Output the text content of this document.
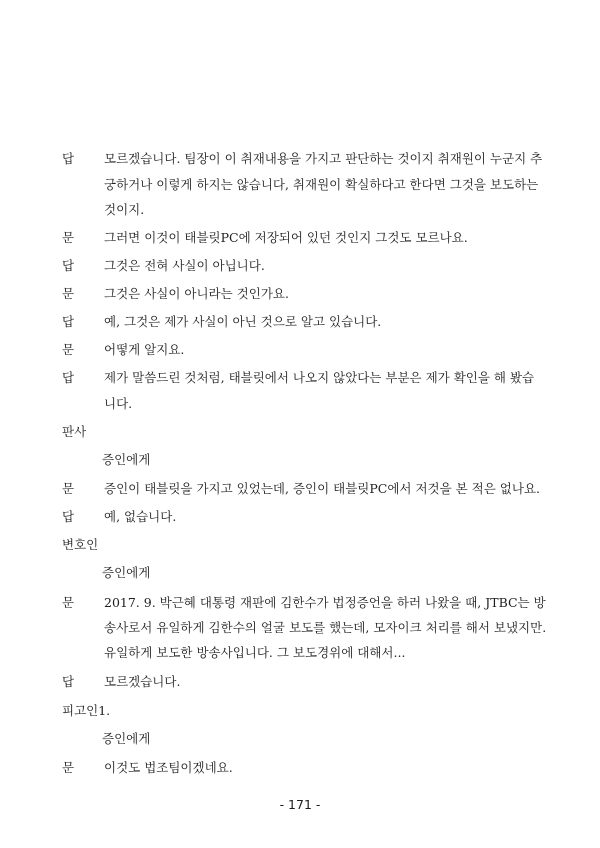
답 모르겠습니다. 팀장이 이 취재내용을 가지고 판단하는 것이지 취재원이 누군지 추
궁하거나 이렇게 하지는 않습니다, 취재원이 확실하다고 한다면 그것을 보도하는
것이지.
문 그러면 이것이 태블릿PC에 저장되어 있던 것인지 그것도 모르나요.
답 그것은 전혀 사실이 아닙니다.
문 그것은 사실이 아니라는 것인가요.
답 예, 그것은 제가 사실이 아닌 것으로 알고 있습니다.
문 어떻게 알지요.
답 제가 말씀드린 것처럼, 태블릿에서 나오지 않았다는 부분은 제가 확인을 해 봤습
니다.
판사
증인에게
문 증인이 태블릿을 가지고 있었는데, 증인이 태블릿PC에서 저것을 본 적은 없나요.
답 예, 없습니다.
변호인
증인에게
문 2017. 9. 박근혜 대통령 재판에 김한수가 법정증언을 하러 나왔을 때, JTBC는 방
송사로서 유일하게 김한수의 얼굴 보도를 했는데, 모자이크 처리를 해서 보냈지만.
유일하게 보도한 방송사입니다. 그 보도경위에 대해서...
답 모르겠습니다.
피고인1.
증인에게
문 이것도 법조팀이겠네요.
- 171 -
